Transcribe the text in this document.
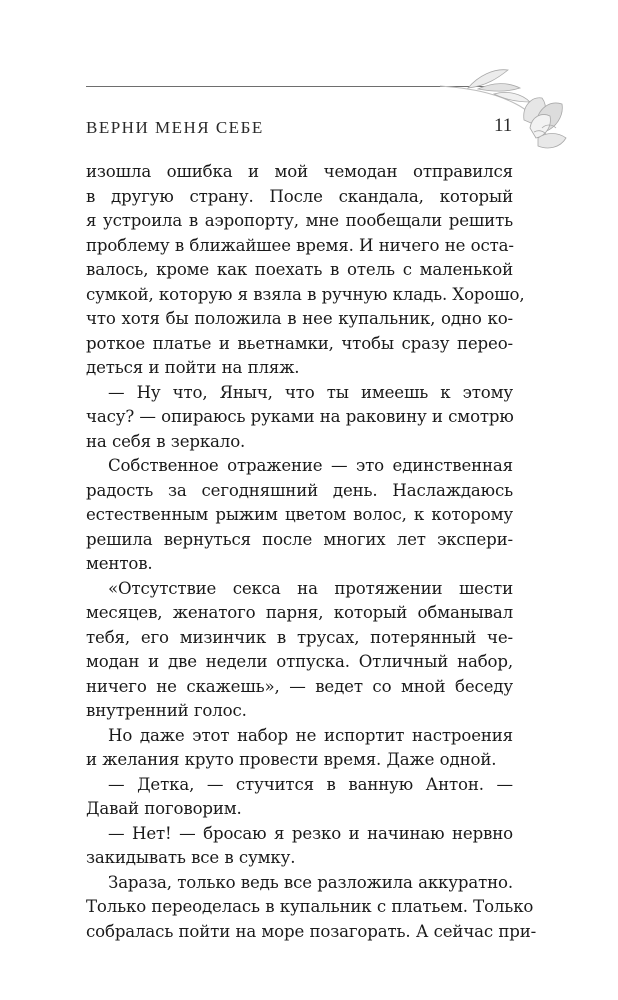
ВЕРНИ МЕНЯ СЕБЕ	11
изошла ошибка и мой чемодан отправился
в другую страну. После скандала, который
я устроила в аэропорту, мне пообещали решить
проблему в ближайшее время. И ничего не оста-
валось, кроме как поехать в отель с маленькой
сумкой, которую я взяла в ручную кладь. Хорошо,
что хотя бы положила в нее купальник, одно ко-
роткое платье и вьетнамки, чтобы сразу переo-
деться и пойти на пляж.
— Ну что, Яныч, что ты имеешь к этому
часу? — опираюсь руками на раковину и смотрю
на себя в зеркало.
Собственное отражение — это единственная
радость за сегодняшний день. Наслаждаюсь
естественным рыжим цветом волос, к которому
решила вернуться после многих лет экспери-
ментов.
«Отсутствие секса на протяжении шести
месяцев, женатого парня, который обманывал
тебя, его мизинчик в трусах, потерянный че-
модан и две недели отпуска. Отличный набор,
ничего не скажешь», — ведет со мной беседу
внутренний голос.
Но даже этот набор не испортит настроения
и желания круто провести время. Даже одной.
— Детка, — стучится в ванную Антон. —
Давай поговорим.
— Нет! — бросаю я резко и начинаю нервно
закидывать все в сумку.
Зараза, только ведь все разложила аккуратно.
Только переоделась в купальник с платьем. Только
собралась пойти на море позагорать. А сейчас при-
